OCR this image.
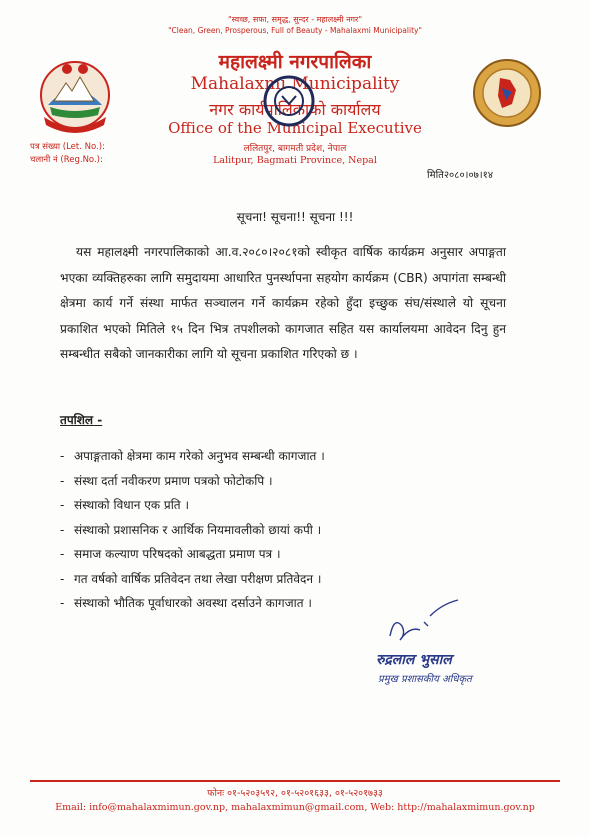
"स्वच्छ, सफा, समृद्ध, सुन्दर - महालक्ष्मी नगर"
"Clean, Green, Prosperous, Full of Beauty - Mahalaxmi Municipality"
महालक्ष्मी नगरपालिका
Mahalaxmi Municipality
नगर कार्यपालिकाको कार्यालय
Office of the Municipal Executive
ललितपुर, बागमती प्रदेश, नेपाल
Lalitpur, Bagmati Province, Nepal
पत्र संख्या (Let. No.):
चलानी नं (Reg.No.):
मिति२०८०।०७।१४
सूचना! सूचना!! सूचना !!!
यस महालक्ष्मी नगरपालिकाको आ.व.२०८०।२०८१को स्वीकृत वार्षिक कार्यक्रम अनुसार अपाङ्गता भएका व्यक्तिहरुका लागि समुदायमा आधारित पुनर्स्थापना सहयोग कार्यक्रम (CBR) अपागंता सम्बन्धी क्षेत्रमा कार्य गर्ने संस्था मार्फत सञ्चालन गर्ने कार्यक्रम रहेको हुँदा इच्छुक संघ/संस्थाले यो सूचना प्रकाशित भएको मितिले १५ दिन भित्र तपशीलको कागजात सहित यस कार्यालयमा आवेदन दिनु हुन सम्बन्धीत सबैको जानकारीका लागि यो सूचना प्रकाशित गरिएको छ ।
तपशिल -
- अपाङ्गताको क्षेत्रमा काम गरेको अनुभव सम्बन्धी कागजात ।
- संस्था दर्ता नवीकरण प्रमाण पत्रको फोटोकपि ।
- संस्थाको विधान एक प्रति ।
- संस्थाको प्रशासनिक र आर्थिक नियमावलीको छायां कपी ।
- समाज कल्याण परिषदको आबद्धता प्रमाण पत्र ।
- गत वर्षको वार्षिक प्रतिवेदन तथा लेखा परीक्षण प्रतिवेदन ।
- संस्थाको भौतिक पूर्वाधारको अवस्था दर्साउने कागजात ।
रुद्रलाल भुसाल
प्रमुख प्रशासकीय अधिकृत
फोनः ०१-५२०३५९२, ०१-५२०१६३३, ०१-५२०१७३३
Email: info@mahalaxmimun.gov.np, mahalaxmimun@gmail.com, Web: http://mahalaxmimun.gov.np
